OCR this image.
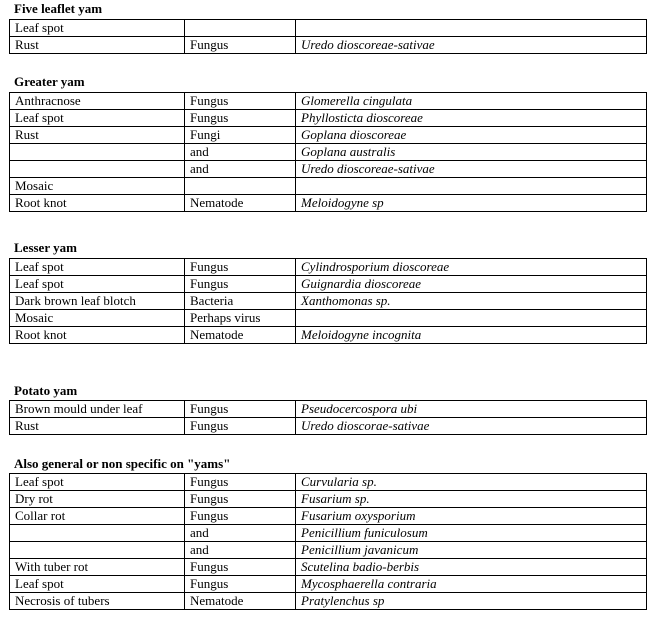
Five leaflet yam
Leaf spot		
Rust	Fungus	Uredo dioscoreae-sativae
Greater yam
Anthracnose	Fungus	Glomerella cingulata
Leaf spot	Fungus	Phyllosticta dioscoreae
Rust	Fungi	Goplana dioscoreae
	and	Goplana australis
	and	Uredo dioscoreae-sativae
Mosaic		
Root knot	Nematode	Meloidogyne sp
Lesser yam
Leaf spot	Fungus	Cylindrosporium dioscoreae
Leaf spot	Fungus	Guignardia dioscoreae
Dark brown leaf blotch	Bacteria	Xanthomonas sp.
Mosaic	Perhaps virus	
Root knot	Nematode	Meloidogyne incognita
Potato yam
Brown mould under leaf	Fungus	Pseudocercospora ubi
Rust	Fungus	Uredo dioscorae-sativae
Also general or non specific on "yams"
Leaf spot	Fungus	Curvularia sp.
Dry rot	Fungus	Fusarium sp.
Collar rot	Fungus	Fusarium oxysporium
	and	Penicillium funiculosum
	and	Penicillium javanicum
With tuber rot	Fungus	Scutelina badio-berbis
Leaf spot	Fungus	Mycosphaerella contraria
Necrosis of tubers	Nematode	Pratylenchus sp
